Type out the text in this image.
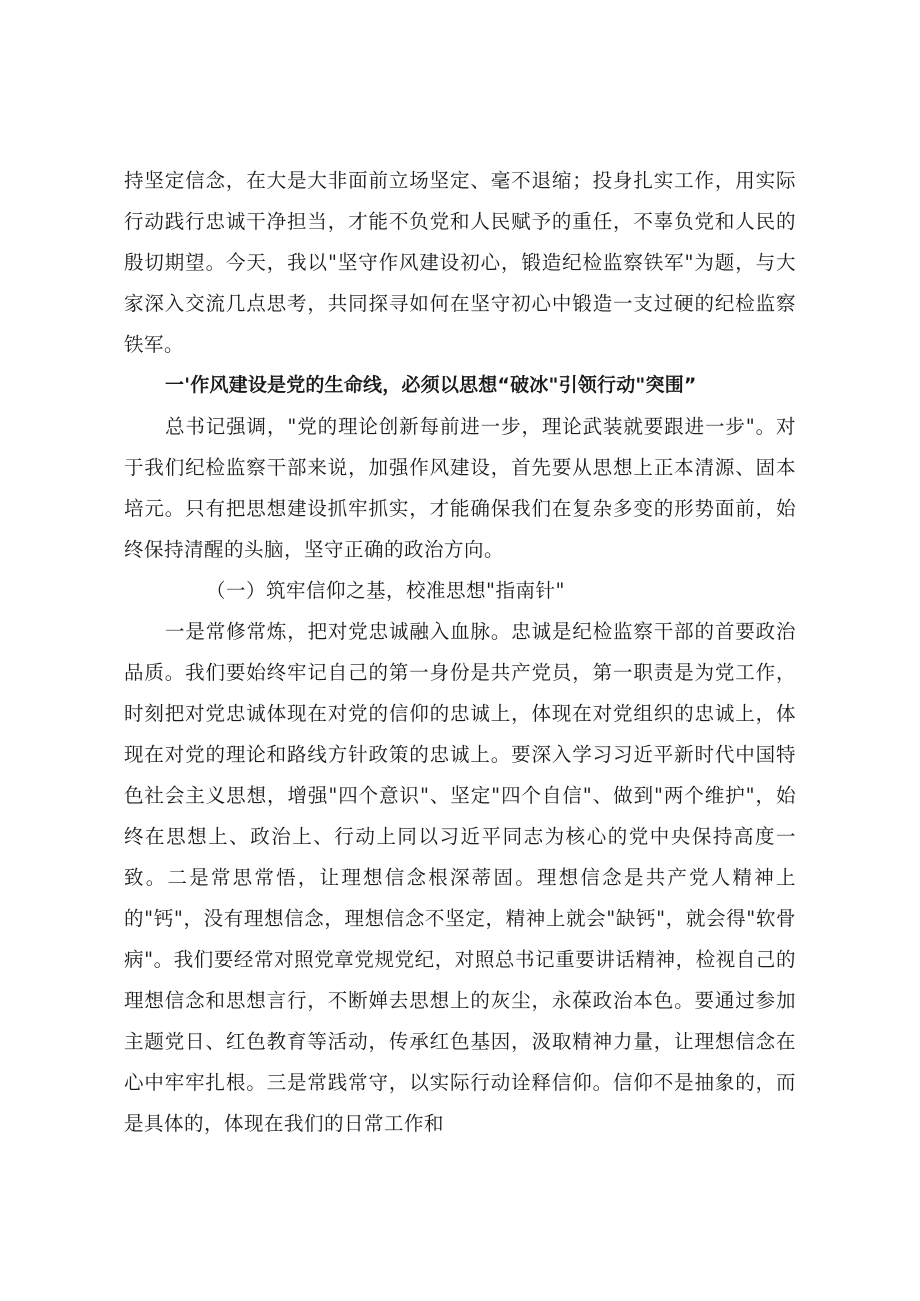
持坚定信念，在大是大非面前立场坚定、毫不退缩；投身扎实工作，用实际行动践行忠诚干净担当，才能不负党和人民赋予的重任，不辜负党和人民的殷切期望。今天，我以"坚守作风建设初心，锻造纪检监察铁军"为题，与大家深入交流几点思考，共同探寻如何在坚守初心中锻造一支过硬的纪检监察铁军。

一'作风建设是党的生命线，必须以思想“破冰"引领行动"突围”

总书记强调，"党的理论创新每前进一步，理论武装就要跟进一步"。对于我们纪检监察干部来说，加强作风建设，首先要从思想上正本清源、固本培元。只有把思想建设抓牢抓实，才能确保我们在复杂多变的形势面前，始终保持清醒的头脑，坚守正确的政治方向。

（一）筑牢信仰之基，校准思想"指南针"

一是常修常炼，把对党忠诚融入血脉。忠诚是纪检监察干部的首要政治品质。我们要始终牢记自己的第一身份是共产党员，第一职责是为党工作，时刻把对党忠诚体现在对党的信仰的忠诚上，体现在对党组织的忠诚上，体现在对党的理论和路线方针政策的忠诚上。要深入学习习近平新时代中国特色社会主义思想，增强"四个意识"、坚定"四个自信"、做到"两个维护"，始终在思想上、政治上、行动上同以习近平同志为核心的党中央保持高度一致。二是常思常悟，让理想信念根深蒂固。理想信念是共产党人精神上的"钙"，没有理想信念，理想信念不坚定，精神上就会"缺钙"，就会得"软骨病"。我们要经常对照党章党规党纪，对照总书记重要讲话精神，检视自己的理想信念和思想言行，不断婵去思想上的灰尘，永葆政治本色。要通过参加主题党日、红色教育等活动，传承红色基因，汲取精神力量，让理想信念在心中牢牢扎根。三是常践常守，以实际行动诠释信仰。信仰不是抽象的，而是具体的，体现在我们的日常工作和
